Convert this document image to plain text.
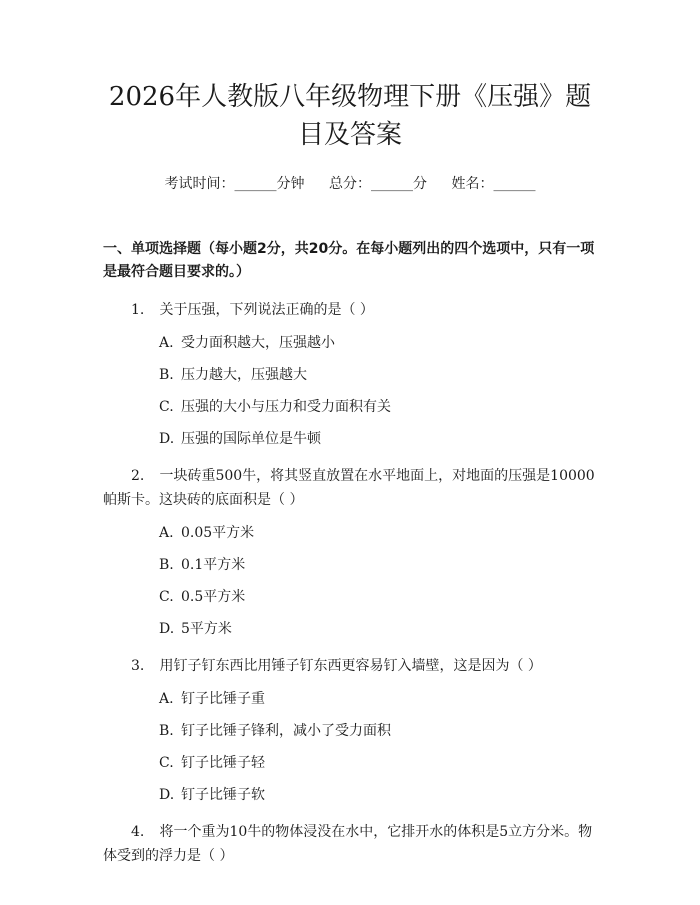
2026年人教版八年级物理下册《压强》题目及答案
考试时间：______分钟 总分：______分 姓名：______
一、单项选择题（每小题2分，共20分。在每小题列出的四个选项中，只有一项是最符合题目要求的。）
1. 关于压强，下列说法正确的是（ ）
A. 受力面积越大，压强越小
B. 压力越大，压强越大
C. 压强的大小与压力和受力面积有关
D. 压强的国际单位是牛顿
2. 一块砖重500牛，将其竖直放置在水平地面上，对地面的压强是10000帕斯卡。这块砖的底面积是（ ）
A. 0.05平方米
B. 0.1平方米
C. 0.5平方米
D. 5平方米
3. 用钉子钉东西比用锤子钉东西更容易钉入墙壁，这是因为（ ）
A. 钉子比锤子重
B. 钉子比锤子锋利，减小了受力面积
C. 钉子比锤子轻
D. 钉子比锤子软
4. 将一个重为10牛的物体浸没在水中，它排开水的体积是5立方分米。物体受到的浮力是（ ）
